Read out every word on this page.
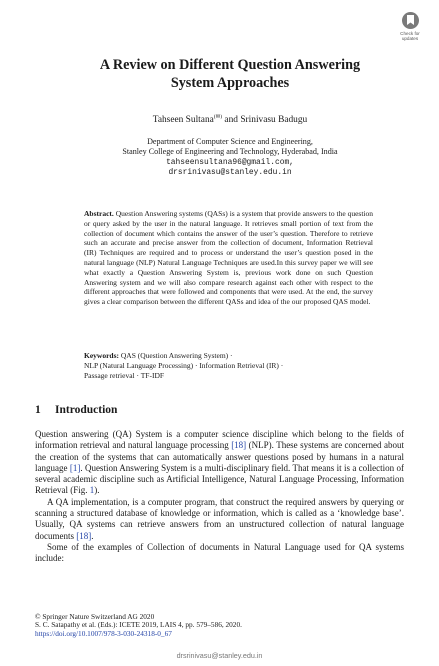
Check for
updates
A Review on Different Question Answering
System Approaches
Tahseen Sultana(✉) and Srinivasu Badugu
Department of Computer Science and Engineering,
Stanley College of Engineering and Technology, Hyderabad, India
tahseensultana96@gmail.com,
drsrinivasu@stanley.edu.in
Abstract. Question Answering systems (QASs) is a system that provide answers to the question or query asked by the user in the natural language. It retrieves small portion of text from the collection of document which contains the answer of the user’s question. Therefore to retrieve such an accurate and precise answer from the collection of document, Information Retrieval (IR) Techniques are required and to process or understand the user’s question posed in the natural language (NLP) Natural Language Techniques are used.In this survey paper we will see what exactly a Question Answering System is, previous work done on such Question Answering system and we will also compare research against each other with respect to the different approaches that were followed and components that were used. At the end, the survey gives a clear comparison between the different QASs and idea of the our proposed QAS model.
Keywords: QAS (Question Answering System) ·
NLP (Natural Language Processing) · Information Retrieval (IR) ·
Passage retrieval · TF-IDF
1 Introduction

Question answering (QA) System is a computer science discipline which belong to the fields of information retrieval and natural language processing [18] (NLP). These systems are concerned about the creation of the systems that can automatically answer questions posed by humans in a natural language [1]. Question Answering System is a multi-disciplinary field. That means it is a collection of several academic discipline such as Artificial Intelligence, Natural Language Processing, Information Retrieval (Fig. 1).

A QA implementation, is a computer program, that construct the required answers by querying or scanning a structured database of knowledge or information, which is called as a ‘knowledge base’. Usually, QA systems can retrieve answers from an unstructured collection of natural language documents [18].

Some of the examples of Collection of documents in Natural Language used for QA systems include:

© Springer Nature Switzerland AG 2020
S. C. Satapathy et al. (Eds.): ICETE 2019, LAIS 4, pp. 579–586, 2020.
https://doi.org/10.1007/978-3-030-24318-0_67
drsrinivasu@stanley.edu.in
